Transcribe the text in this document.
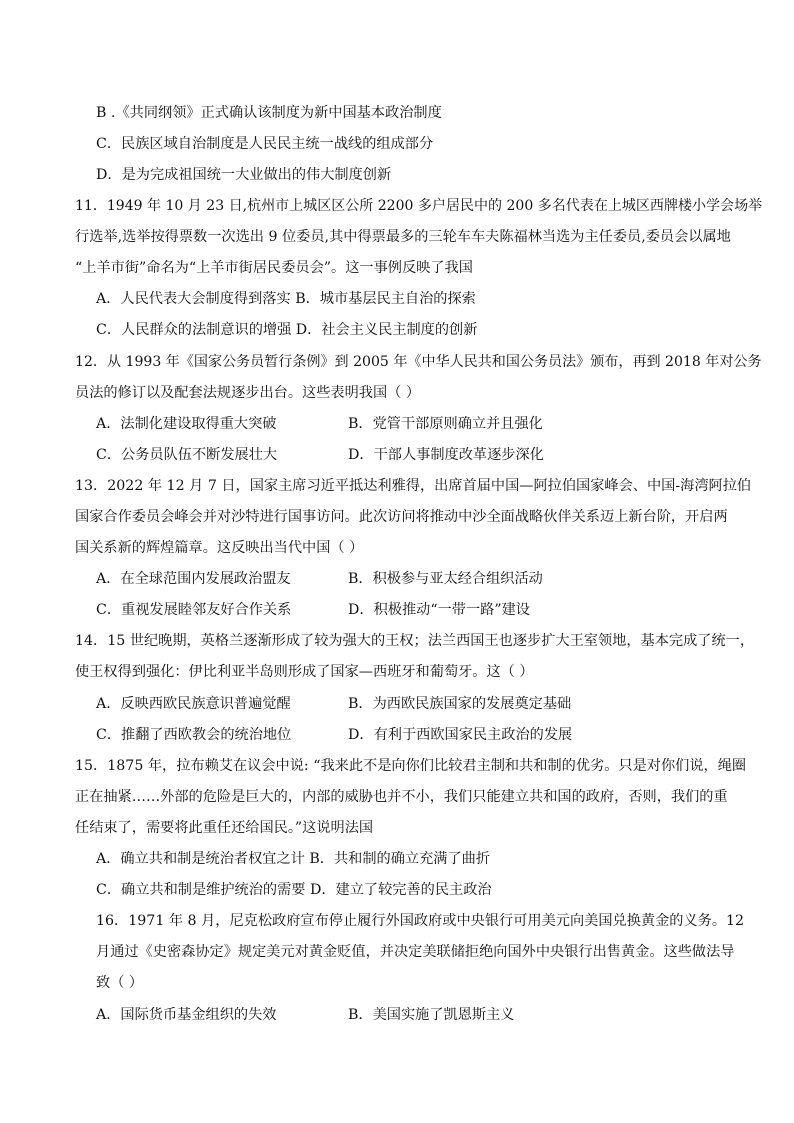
B .《共同纲领》正式确认该制度为新中国基本政治制度
C．民族区域自治制度是人民民主统一战线的组成部分
D．是为完成祖国统一大业做出的伟大制度创新
11．1949 年 10 月 23 日,杭州市上城区区公所 2200 多户居民中的 200 多名代表在上城区西牌楼小学会场举
行选举,选举按得票数一次选出 9 位委员,其中得票最多的三轮车车夫陈福林当选为主任委员,委员会以属地
“上羊市街”命名为“上羊市街居民委员会”。这一事例反映了我国
A．人民代表大会制度得到落实 B．城市基层民主自治的探索
C．人民群众的法制意识的增强 D．社会主义民主制度的创新
12．从 1993 年《国家公务员暂行条例》到 2005 年《中华人民共和国公务员法》颁布，再到 2018 年对公务
员法的修订以及配套法规逐步出台。这些表明我国（ ）
A．法制化建设取得重大突破	B．党管干部原则确立并且强化
C．公务员队伍不断发展壮大	D．干部人事制度改革逐步深化
13．2022 年 12 月 7 日，国家主席习近平抵达利雅得，出席首届中国—阿拉伯国家峰会、中国-海湾阿拉伯
国家合作委员会峰会并对沙特进行国事访问。此次访问将推动中沙全面战略伙伴关系迈上新台阶，开启两
国关系新的辉煌篇章。这反映出当代中国（ ）
A．在全球范围内发展政治盟友	B．积极参与亚太经合组织活动
C．重视发展睦邻友好合作关系	D．积极推动“一带一路”建设
14．15 世纪晚期，英格兰逐渐形成了较为强大的王权；法兰西国王也逐步扩大王室领地，基本完成了统一，
使王权得到强化：伊比利亚半岛则形成了国家—西班牙和葡萄牙。这（ ）
A．反映西欧民族意识普遍觉醒	B．为西欧民族国家的发展奠定基础
C．推翻了西欧教会的统治地位	D．有利于西欧国家民主政治的发展
15．1875 年，拉布赖艾在议会中说: “我来此不是向你们比较君主制和共和制的优劣。只是对你们说，绳圈
正在抽紧……外部的危险是巨大的，内部的威胁也并不小，我们只能建立共和国的政府，否则，我们的重
任结束了，需要将此重任还给国民。”这说明法国
A．确立共和制是统治者权宜之计 B．共和制的确立充满了曲折
C．确立共和制是维护统治的需要 D．建立了较完善的民主政治
16．1971 年 8 月，尼克松政府宣布停止履行外国政府或中央银行可用美元向美国兑换黄金的义务。12
月通过《史密森协定》规定美元对黄金贬值，并决定美联储拒绝向国外中央银行出售黄金。这些做法导
致（ ）
A．国际货币基金组织的失效	B．美国实施了凯恩斯主义
